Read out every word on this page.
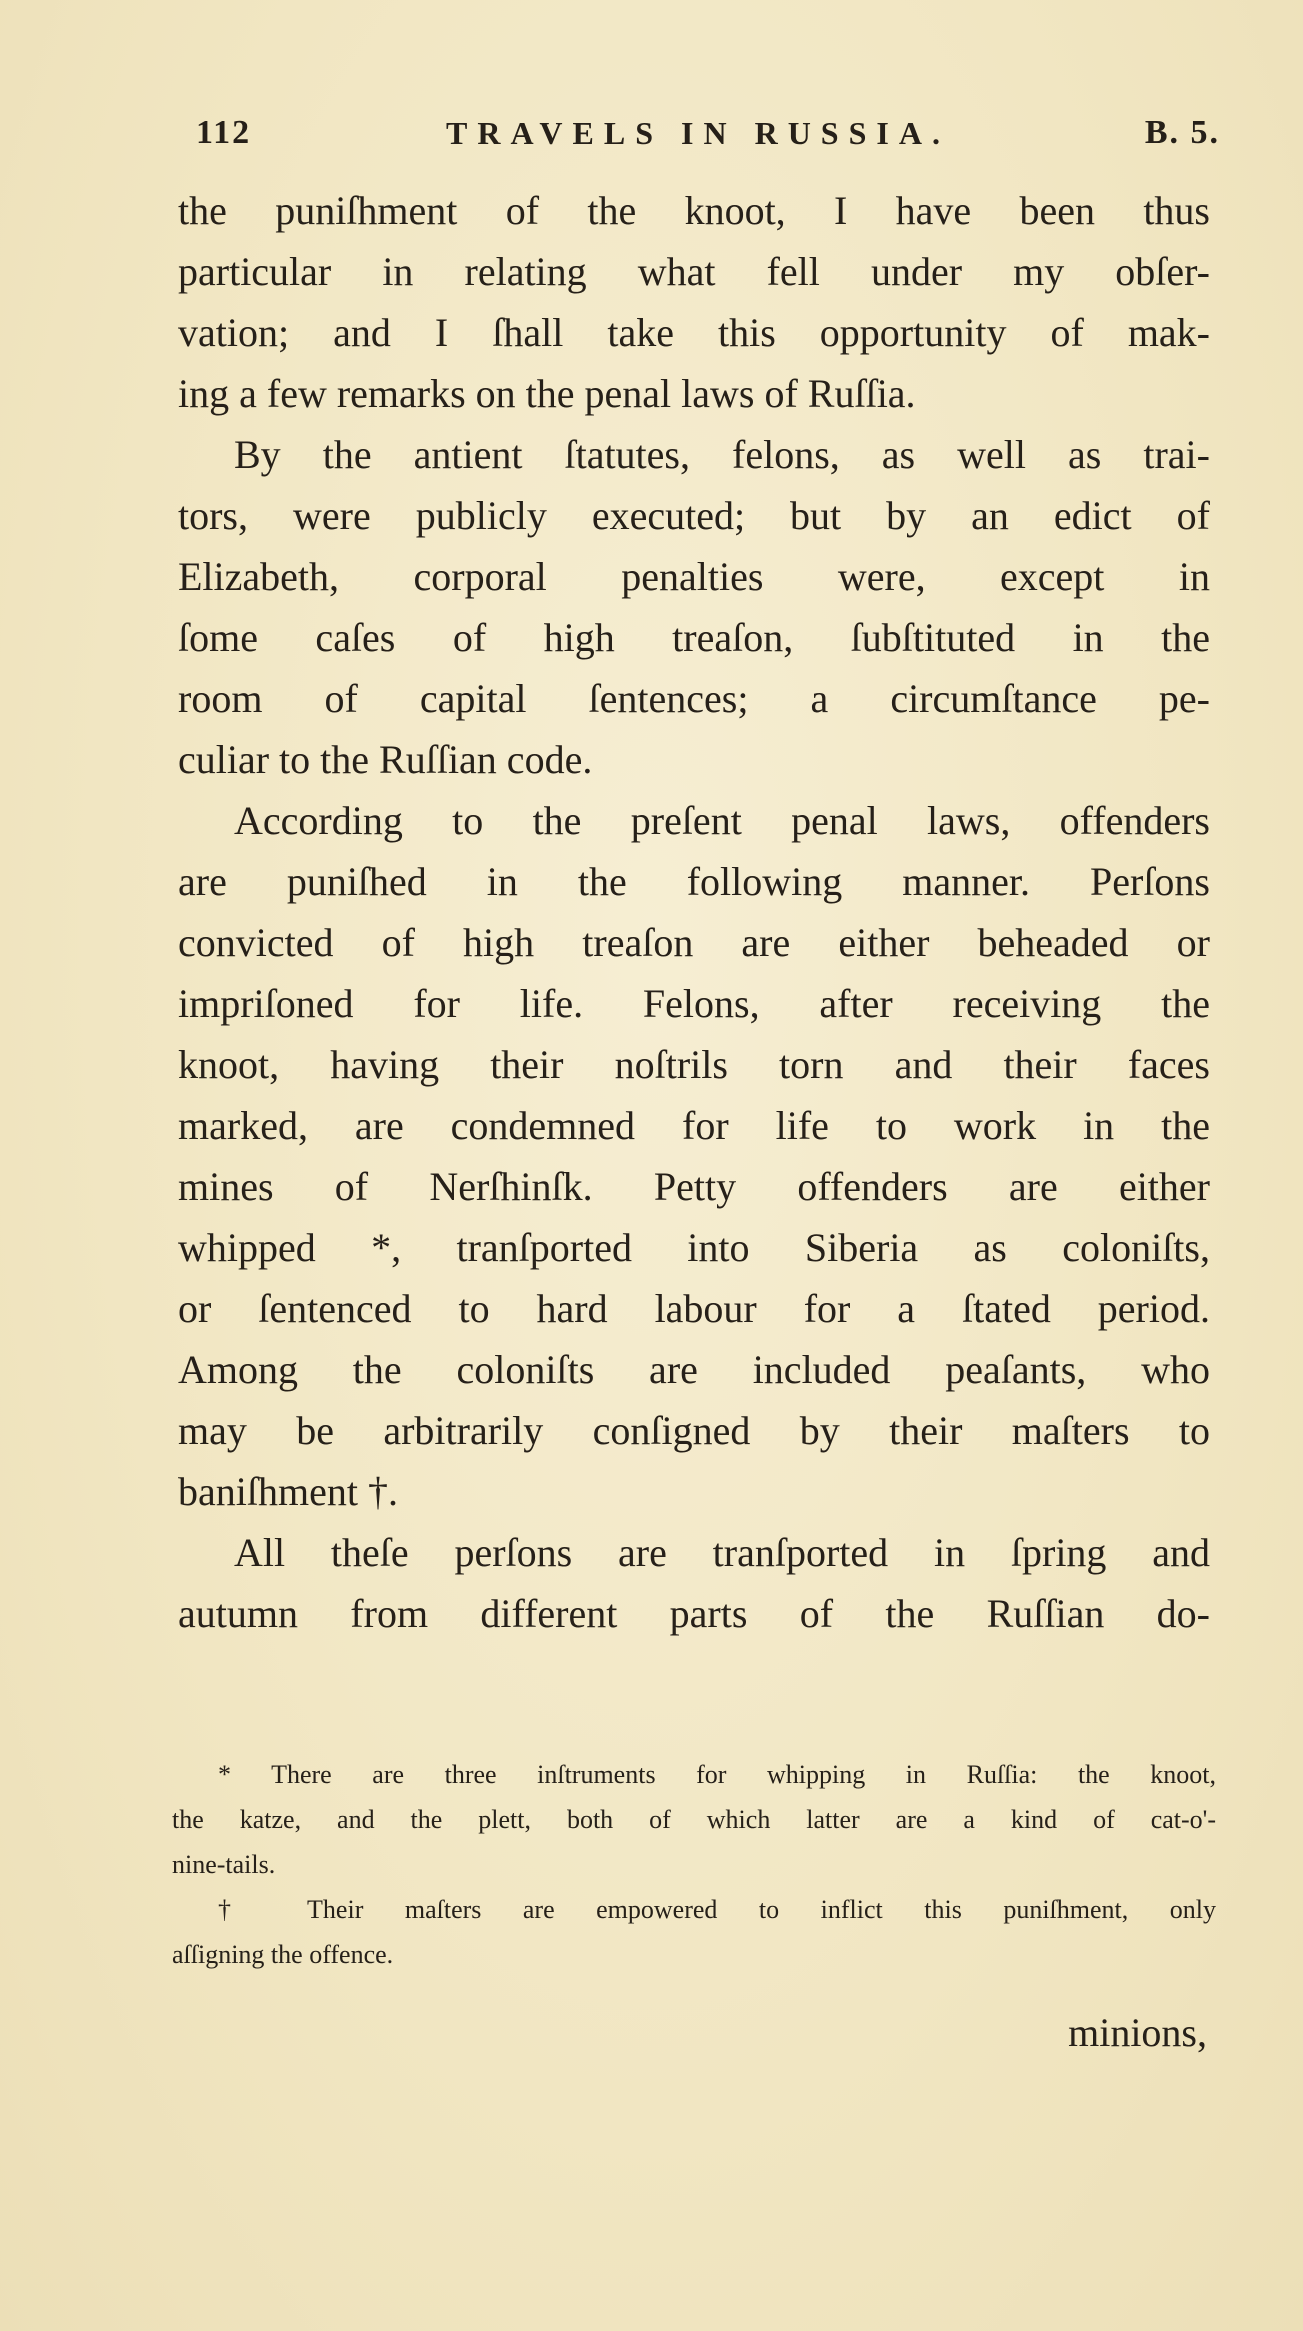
112	TRAVELS IN RUSSIA.	B. 5.
the puniſhment of the knoot, I have been thus
particular in relating what fell under my obſer-
vation; and I ſhall take this opportunity of mak-
ing a few remarks on the penal laws of Ruſſia.
By the antient ſtatutes, felons, as well as trai-
tors, were publicly executed; but by an edict of
Elizabeth, corporal penalties were, except in
ſome caſes of high treaſon, ſubſtituted in the
room of capital ſentences; a circumſtance pe-
culiar to the Ruſſian code.
According to the preſent penal laws, offenders
are puniſhed in the following manner. Perſons
convicted of high treaſon are either beheaded or
impriſoned for life. Felons, after receiving the
knoot, having their noſtrils torn and their faces
marked, are condemned for life to work in the
mines of Nerſhinſk. Petty offenders are either
whipped *, tranſported into Siberia as coloniſts,
or ſentenced to hard labour for a ſtated period.
Among the coloniſts are included peaſants, who
may be arbitrarily conſigned by their maſters to
baniſhment †.
All theſe perſons are tranſported in ſpring and
autumn from different parts of the Ruſſian do-
* There are three inſtruments for whipping in Ruſſia: the knoot,
the katze, and the plett, both of which latter are a kind of cat-o'-
nine-tails.
† Their maſters are empowered to inflict this puniſhment, only
aſſigning the offence.
minions,
